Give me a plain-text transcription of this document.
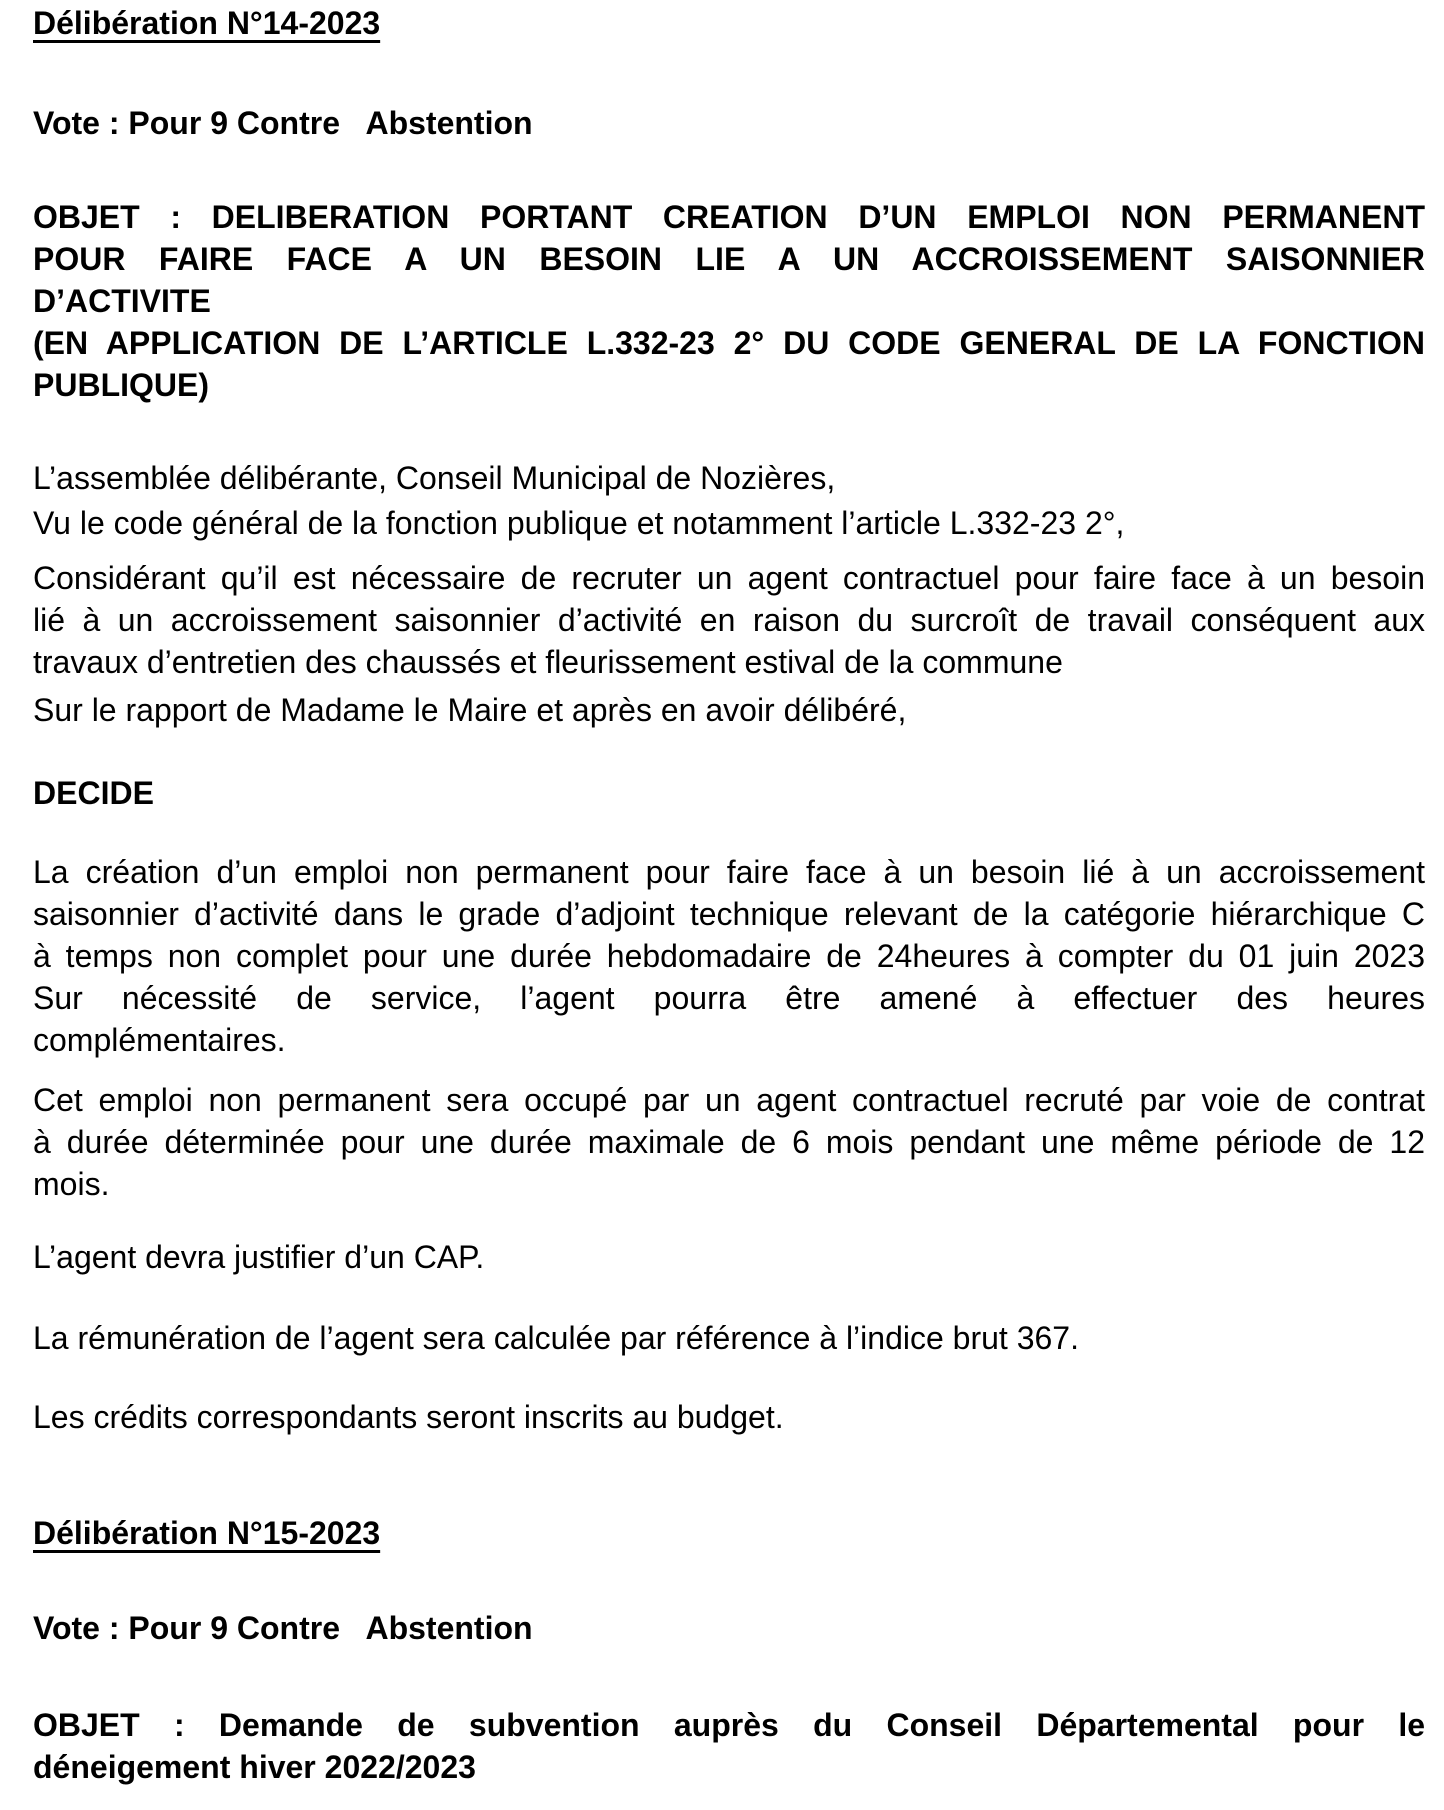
Délibération N°14-2023
Vote : Pour 9 Contre   Abstention
OBJET : DELIBERATION PORTANT CREATION D’UN EMPLOI NON PERMANENT
POUR FAIRE FACE A UN BESOIN LIE A UN ACCROISSEMENT SAISONNIER
D’ACTIVITE
(EN APPLICATION DE L’ARTICLE L.332-23 2° DU CODE GENERAL DE LA FONCTION
PUBLIQUE)
L’assemblée délibérante, Conseil Municipal de Nozières,
Vu le code général de la fonction publique et notamment l’article L.332-23 2°,
Considérant qu’il est nécessaire de recruter un agent contractuel pour faire face à un besoin
lié à un accroissement saisonnier d’activité en raison du surcroît de travail conséquent aux
travaux d’entretien des chaussés et fleurissement estival de la commune
Sur le rapport de Madame le Maire et après en avoir délibéré,
DECIDE
La création d’un emploi non permanent pour faire face à un besoin lié à un accroissement
saisonnier d’activité dans le grade d’adjoint technique relevant de la catégorie hiérarchique C
à temps non complet pour une durée hebdomadaire de 24heures à compter du 01 juin 2023
Sur nécessité de service, l’agent pourra être amené à effectuer des heures
complémentaires.
Cet emploi non permanent sera occupé par un agent contractuel recruté par voie de contrat
à durée déterminée pour une durée maximale de 6 mois pendant une même période de 12
mois.
L’agent devra justifier d’un CAP.
La rémunération de l’agent sera calculée par référence à l’indice brut 367.
Les crédits correspondants seront inscrits au budget.
Délibération N°15-2023
Vote : Pour 9 Contre   Abstention
OBJET : Demande de subvention auprès du Conseil Départemental pour le
déneigement hiver 2022/2023
